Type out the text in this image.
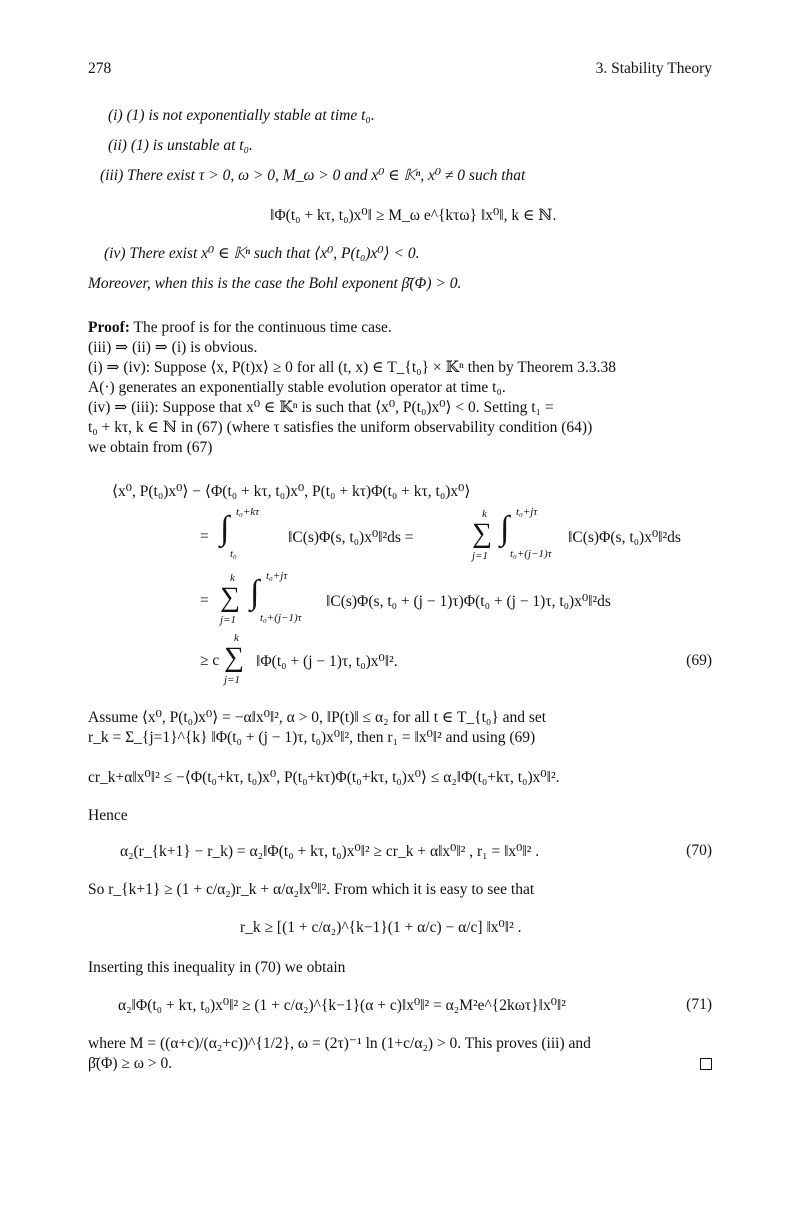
278	3. Stability Theory
(i) (1) is not exponentially stable at time t₀.
(ii) (1) is unstable at t₀.
(iii) There exist τ > 0, ω > 0, M_ω > 0 and x⁰ ∈ 𝕂ⁿ, x⁰ ≠ 0 such that
‖Φ(t₀ + kτ, t₀)x⁰‖ ≥ M_ω e^{kτω} ‖x⁰‖, k ∈ ℕ.
(iv) There exist x⁰ ∈ 𝕂ⁿ such that ⟨x⁰, P(t₀)x⁰⟩ < 0.
Moreover, when this is the case the Bohl exponent β̄(Φ) > 0.
Proof: The proof is for the continuous time case.
(iii) ⇒ (ii) ⇒ (i) is obvious.
(i) ⇒ (iv): Suppose ⟨x, P(t)x⟩ ≥ 0 for all (t, x) ∈ T_{t₀} × 𝕂ⁿ then by Theorem 3.3.38
A(·) generates an exponentially stable evolution operator at time t₀.
(iv) ⇒ (iii): Suppose that x⁰ ∈ 𝕂ⁿ is such that ⟨x⁰, P(t₀)x⁰⟩ < 0. Setting t₁ =
t₀ + kτ, k ∈ ℕ in (67) (where τ satisfies the uniform observability condition (64))
we obtain from (67)
⟨x⁰, P(t₀)x⁰⟩ − ⟨Φ(t₀ + kτ, t₀)x⁰, P(t₀ + kτ)Φ(t₀ + kτ, t₀)x⁰⟩
= ∫ t₀+kτ
t₀
‖C(s)Φ(s, t₀)x⁰‖²ds =
k
∑
j=1
∫ t₀+jτ
t₀+(j−1)τ
‖C(s)Φ(s, t₀)x⁰‖²ds
=
k
∑
j=1
∫ t₀+jτ
t₀+(j−1)τ
‖C(s)Φ(s, t₀ + (j − 1)τ)Φ(t₀ + (j − 1)τ, t₀)x⁰‖²ds
≥ c
k
∑
j=1
‖Φ(t₀ + (j − 1)τ, t₀)x⁰‖².	(69)
Assume ⟨x⁰, P(t₀)x⁰⟩ = −α‖x⁰‖², α > 0, ‖P(t)‖ ≤ α₂ for all t ∈ T_{t₀} and set
r_k = Σ_{j=1}^{k} ‖Φ(t₀ + (j − 1)τ, t₀)x⁰‖², then r₁ = ‖x⁰‖² and using (69)
cr_k+α‖x⁰‖² ≤ −⟨Φ(t₀+kτ, t₀)x⁰, P(t₀+kτ)Φ(t₀+kτ, t₀)x⁰⟩ ≤ α₂‖Φ(t₀+kτ, t₀)x⁰‖².
Hence
α₂(r_{k+1} − r_k) = α₂‖Φ(t₀ + kτ, t₀)x⁰‖² ≥ cr_k + α‖x⁰‖² , r₁ = ‖x⁰‖² .	(70)
So r_{k+1} ≥ (1 + c/α₂)r_k + α/α₂‖x⁰‖². From which it is easy to see that
r_k ≥ [(1 + c/α₂)^{k−1}(1 + α/c) − α/c] ‖x⁰‖² .
Inserting this inequality in (70) we obtain
α₂‖Φ(t₀ + kτ, t₀)x⁰‖² ≥ (1 + c/α₂)^{k−1}(α + c)‖x⁰‖² = α₂M²e^{2kωτ}‖x⁰‖²	(71)
where M = ((α+c)/(α₂+c))^{1/2}, ω = (2τ)⁻¹ ln (1+c/α₂) > 0. This proves (iii) and
β̄(Φ) ≥ ω > 0.
